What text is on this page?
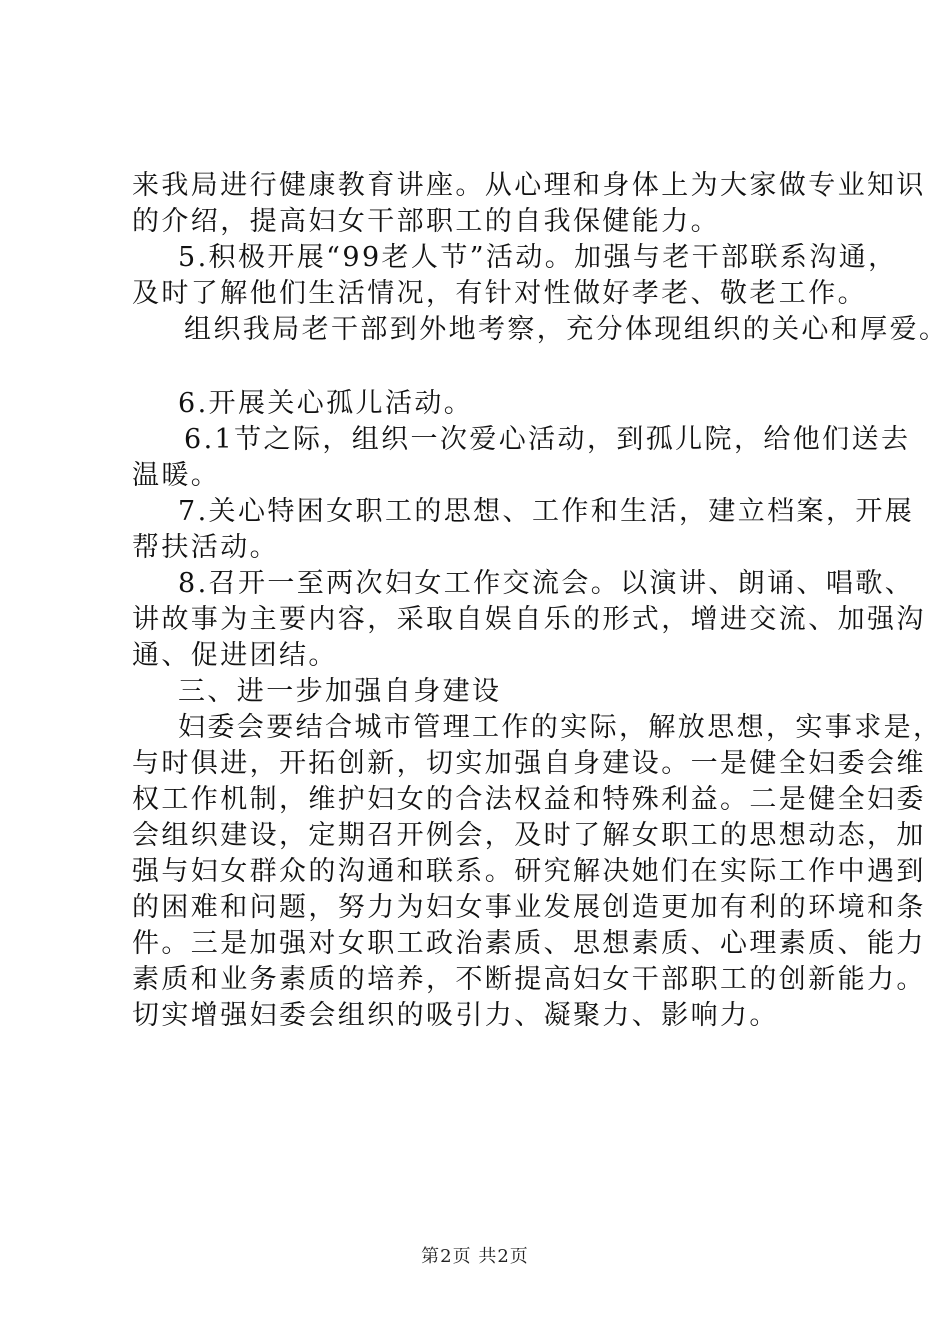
来我局进行健康教育讲座。从心理和身体上为大家做专业知识
的介绍，提高妇女干部职工的自我保健能力。
5.积极开展“99老人节”活动。加强与老干部联系沟通，
及时了解他们生活情况，有针对性做好孝老、敬老工作。
组织我局老干部到外地考察，充分体现组织的关心和厚爱。
6.开展关心孤儿活动。
6.1节之际，组织一次爱心活动，到孤儿院，给他们送去
温暖。
7.关心特困女职工的思想、工作和生活，建立档案，开展
帮扶活动。
8.召开一至两次妇女工作交流会。以演讲、朗诵、唱歌、
讲故事为主要内容，采取自娱自乐的形式，增进交流、加强沟
通、促进团结。
三、进一步加强自身建设
妇委会要结合城市管理工作的实际，解放思想，实事求是，
与时俱进，开拓创新，切实加强自身建设。一是健全妇委会维
权工作机制，维护妇女的合法权益和特殊利益。二是健全妇委
会组织建设，定期召开例会，及时了解女职工的思想动态，加
强与妇女群众的沟通和联系。研究解决她们在实际工作中遇到
的困难和问题，努力为妇女事业发展创造更加有利的环境和条
件。三是加强对女职工政治素质、思想素质、心理素质、能力
素质和业务素质的培养，不断提高妇女干部职工的创新能力。
切实增强妇委会组织的吸引力、凝聚力、影响力。
第2页 共2页
